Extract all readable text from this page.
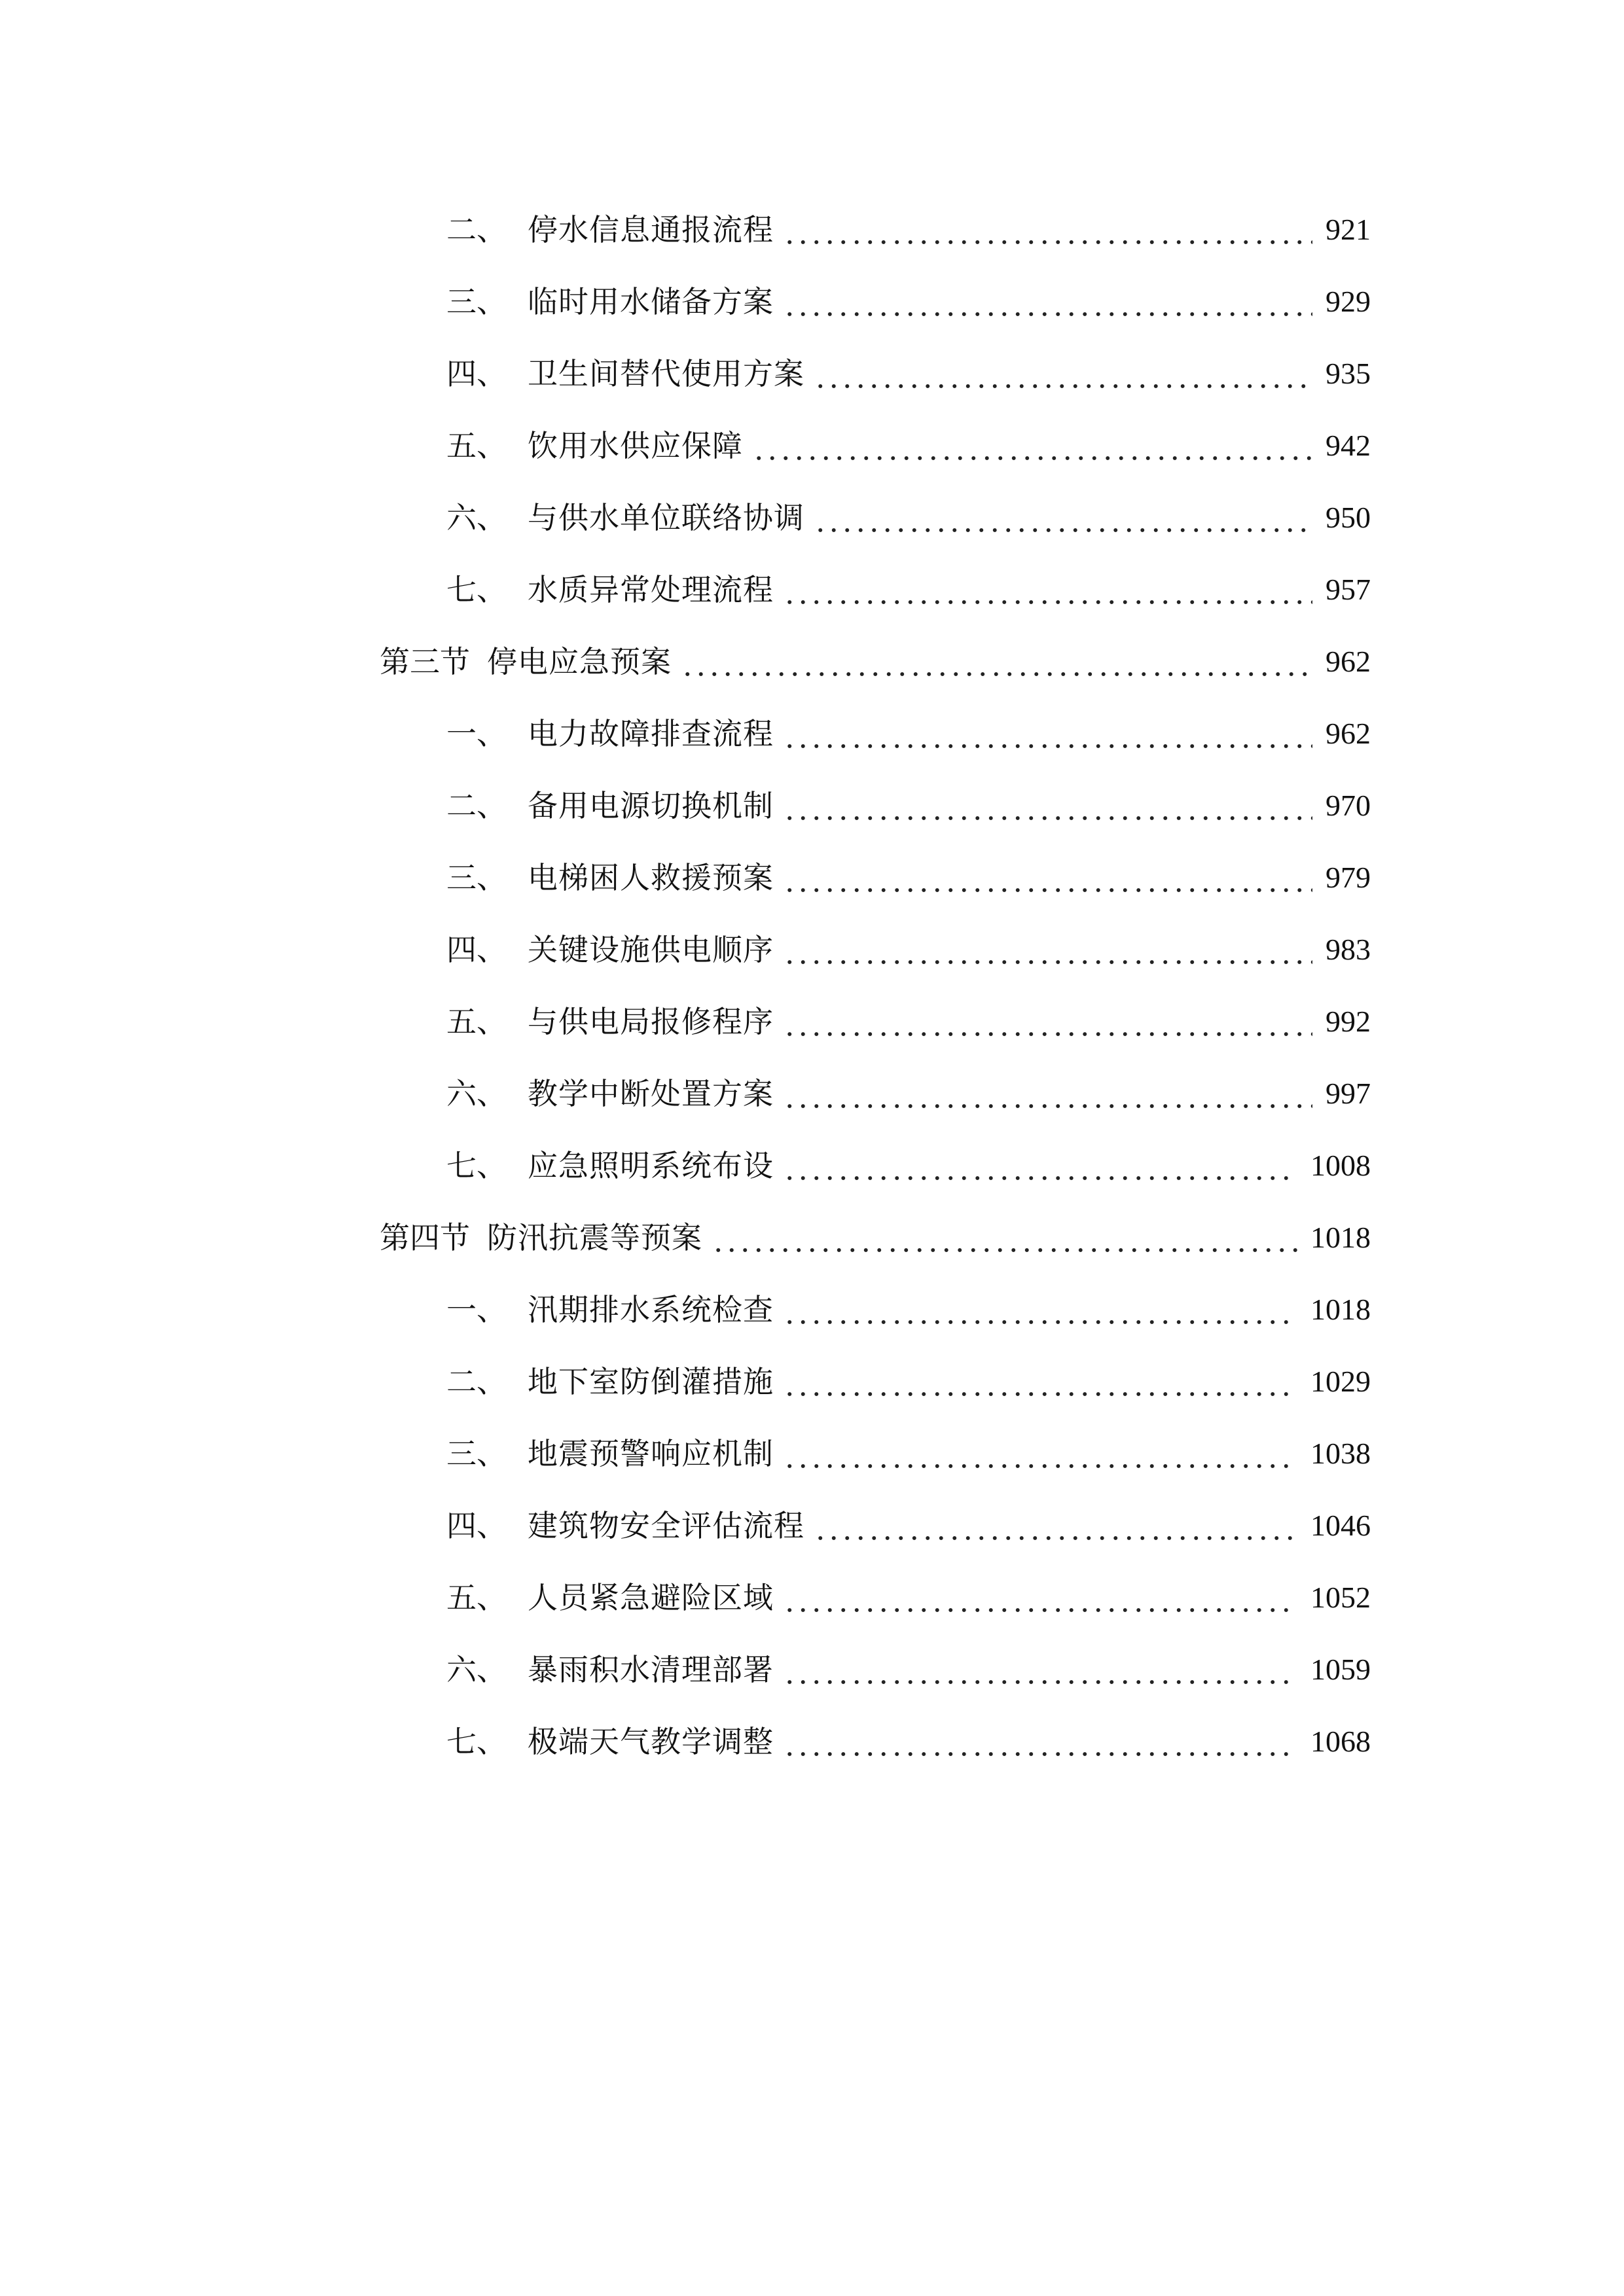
二、 停水信息通报流程	921
三、 临时用水储备方案	929
四、 卫生间替代使用方案	935
五、 饮用水供应保障	942
六、 与供水单位联络协调	950
七、 水质异常处理流程	957
第三节 停电应急预案	962
一、 电力故障排查流程	962
二、 备用电源切换机制	970
三、 电梯困人救援预案	979
四、 关键设施供电顺序	983
五、 与供电局报修程序	992
六、 教学中断处置方案	997
七、 应急照明系统布设	1008
第四节 防汛抗震等预案	1018
一、 汛期排水系统检查	1018
二、 地下室防倒灌措施	1029
三、 地震预警响应机制	1038
四、 建筑物安全评估流程	1046
五、 人员紧急避险区域	1052
六、 暴雨积水清理部署	1059
七、 极端天气教学调整	1068
